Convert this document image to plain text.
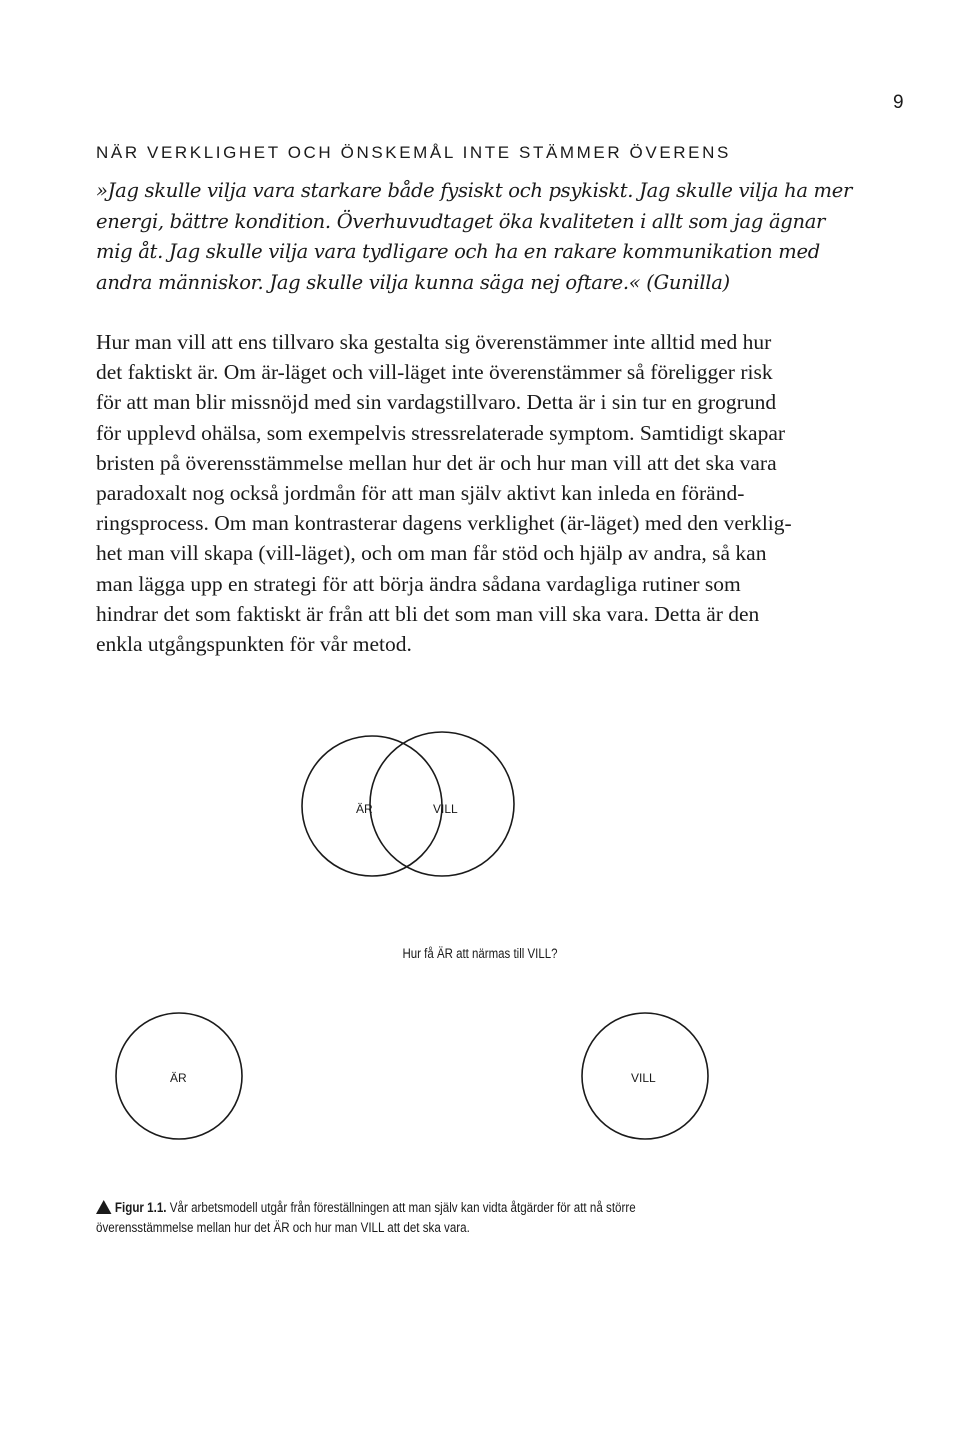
9
NÄR VERKLIGHET OCH ÖNSKEMÅL INTE STÄMMER ÖVERENS
»Jag skulle vilja vara starkare både fysiskt och psykiskt. Jag skulle vilja ha mer
energi, bättre kondition. Överhuvudtaget öka kvaliteten i allt som jag ägnar
mig åt. Jag skulle vilja vara tydligare och ha en rakare kommunikation med
andra människor. Jag skulle vilja kunna säga nej oftare.« (Gunilla)
Hur man vill att ens tillvaro ska gestalta sig överenstämmer inte alltid med hur
det faktiskt är. Om är-läget och vill-läget inte överenstämmer så föreligger risk
för att man blir missnöjd med sin vardagstillvaro. Detta är i sin tur en grogrund
för upplevd ohälsa, som exempelvis stressrelaterade symptom. Samtidigt skapar
bristen på överensstämmelse mellan hur det är och hur man vill att det ska vara
paradoxalt nog också jordmån för att man själv aktivt kan inleda en föränd-
ringsprocess. Om man kontrasterar dagens verklighet (är-läget) med den verklig-
het man vill skapa (vill-läget), och om man får stöd och hjälp av andra, så kan
man lägga upp en strategi för att börja ändra sådana vardagliga rutiner som
hindrar det som faktiskt är från att bli det som man vill ska vara. Detta är den
enkla utgångspunkten för vår metod.
ÄR	VILL
ÄR	VILL
Hur få ÄR att närmas till VILL?
Figur 1.1. Vår arbetsmodell utgår från föreställningen att man själv kan vidta åtgärder för att nå större
överensstämmelse mellan hur det ÄR och hur man VILL att det ska vara.
